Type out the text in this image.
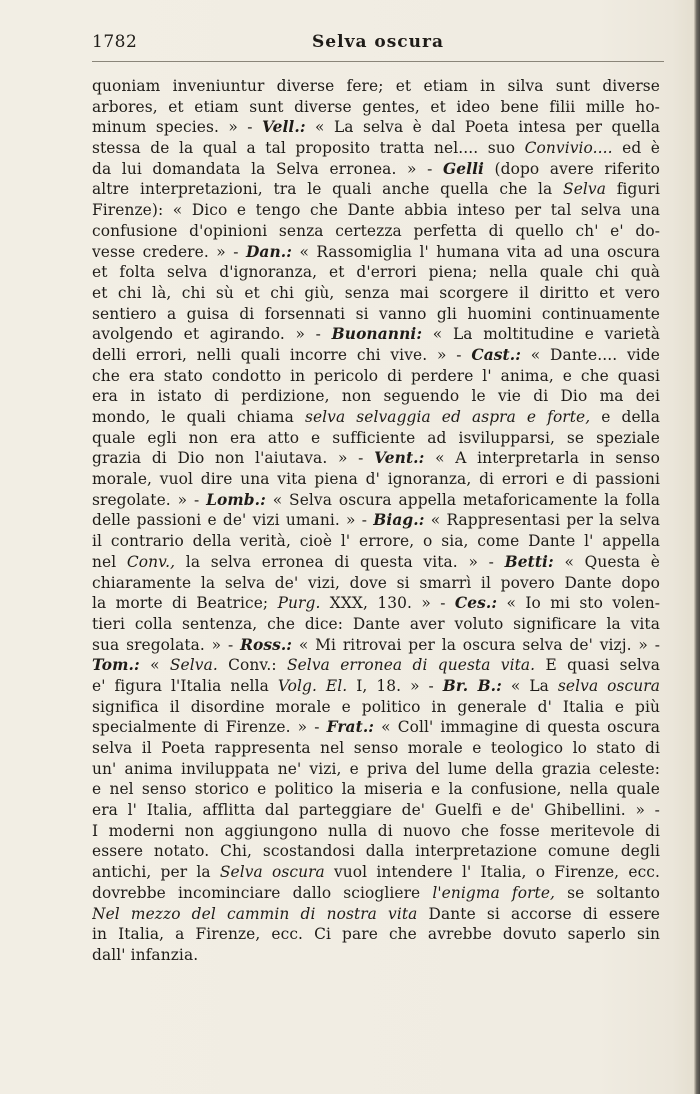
1782	Selva oscura
quoniam inveniuntur diverse fere; et etiam in silva sunt diverse
arbores, et etiam sunt diverse gentes, et ideo bene filii mille ho-
minum species. » - Vell.: « La selva è dal Poeta intesa per quella
stessa de la qual a tal proposito tratta nel.... suo Convivio.... ed è
da lui domandata la Selva erronea. » - Gelli (dopo avere riferito
altre interpretazioni, tra le quali anche quella che la Selva figuri
Firenze): « Dico e tengo che Dante abbia inteso per tal selva una
confusione d'opinioni senza certezza perfetta di quello ch' e' do-
vesse credere. » - Dan.: « Rassomiglia l' humana vita ad una oscura
et folta selva d'ignoranza, et d'errori piena; nella quale chi quà
et chi là, chi sù et chi giù, senza mai scorgere il diritto et vero
sentiero a guisa di forsennati si vanno gli huomini continuamente
avolgendo et agirando. » - Buonanni: « La moltitudine e varietà
delli errori, nelli quali incorre chi vive. » - Cast.: « Dante.... vide
che era stato condotto in pericolo di perdere l' anima, e che quasi
era in istato di perdizione, non seguendo le vie di Dio ma dei
mondo, le quali chiama selva selvaggia ed aspra e forte, e della
quale egli non era atto e sufficiente ad isvilupparsi, se speziale
grazia di Dio non l'aiutava. » - Vent.: « A interpretarla in senso
morale, vuol dire una vita piena d' ignoranza, di errori e di passioni
sregolate. » - Lomb.: « Selva oscura appella metaforicamente la folla
delle passioni e de' vizi umani. » - Biag.: « Rappresentasi per la selva
il contrario della verità, cioè l' errore, o sia, come Dante l' appella
nel Conv., la selva erronea di questa vita. » - Betti: « Questa è
chiaramente la selva de' vizi, dove si smarrì il povero Dante dopo
la morte di Beatrice; Purg. XXX, 130. » - Ces.: « Io mi sto volen-
tieri colla sentenza, che dice: Dante aver voluto significare la vita
sua sregolata. » - Ross.: « Mi ritrovai per la oscura selva de' vizj. » -
Tom.: « Selva. Conv.: Selva erronea di questa vita. E quasi selva
e' figura l'Italia nella Volg. El. I, 18. » - Br. B.: « La selva oscura
significa il disordine morale e politico in generale d' Italia e più
specialmente di Firenze. » - Frat.: « Coll' immagine di questa oscura
selva il Poeta rappresenta nel senso morale e teologico lo stato di
un' anima inviluppata ne' vizi, e priva del lume della grazia celeste:
e nel senso storico e politico la miseria e la confusione, nella quale
era l' Italia, afflitta dal parteggiare de' Guelfi e de' Ghibellini. » -
I moderni non aggiungono nulla di nuovo che fosse meritevole di
essere notato. Chi, scostandosi dalla interpretazione comune degli
antichi, per la Selva oscura vuol intendere l' Italia, o Firenze, ecc.
dovrebbe incominciare dallo sciogliere l'enigma forte, se soltanto
Nel mezzo del cammin di nostra vita Dante si accorse di essere
in Italia, a Firenze, ecc. Ci pare che avrebbe dovuto saperlo sin
dall' infanzia.
